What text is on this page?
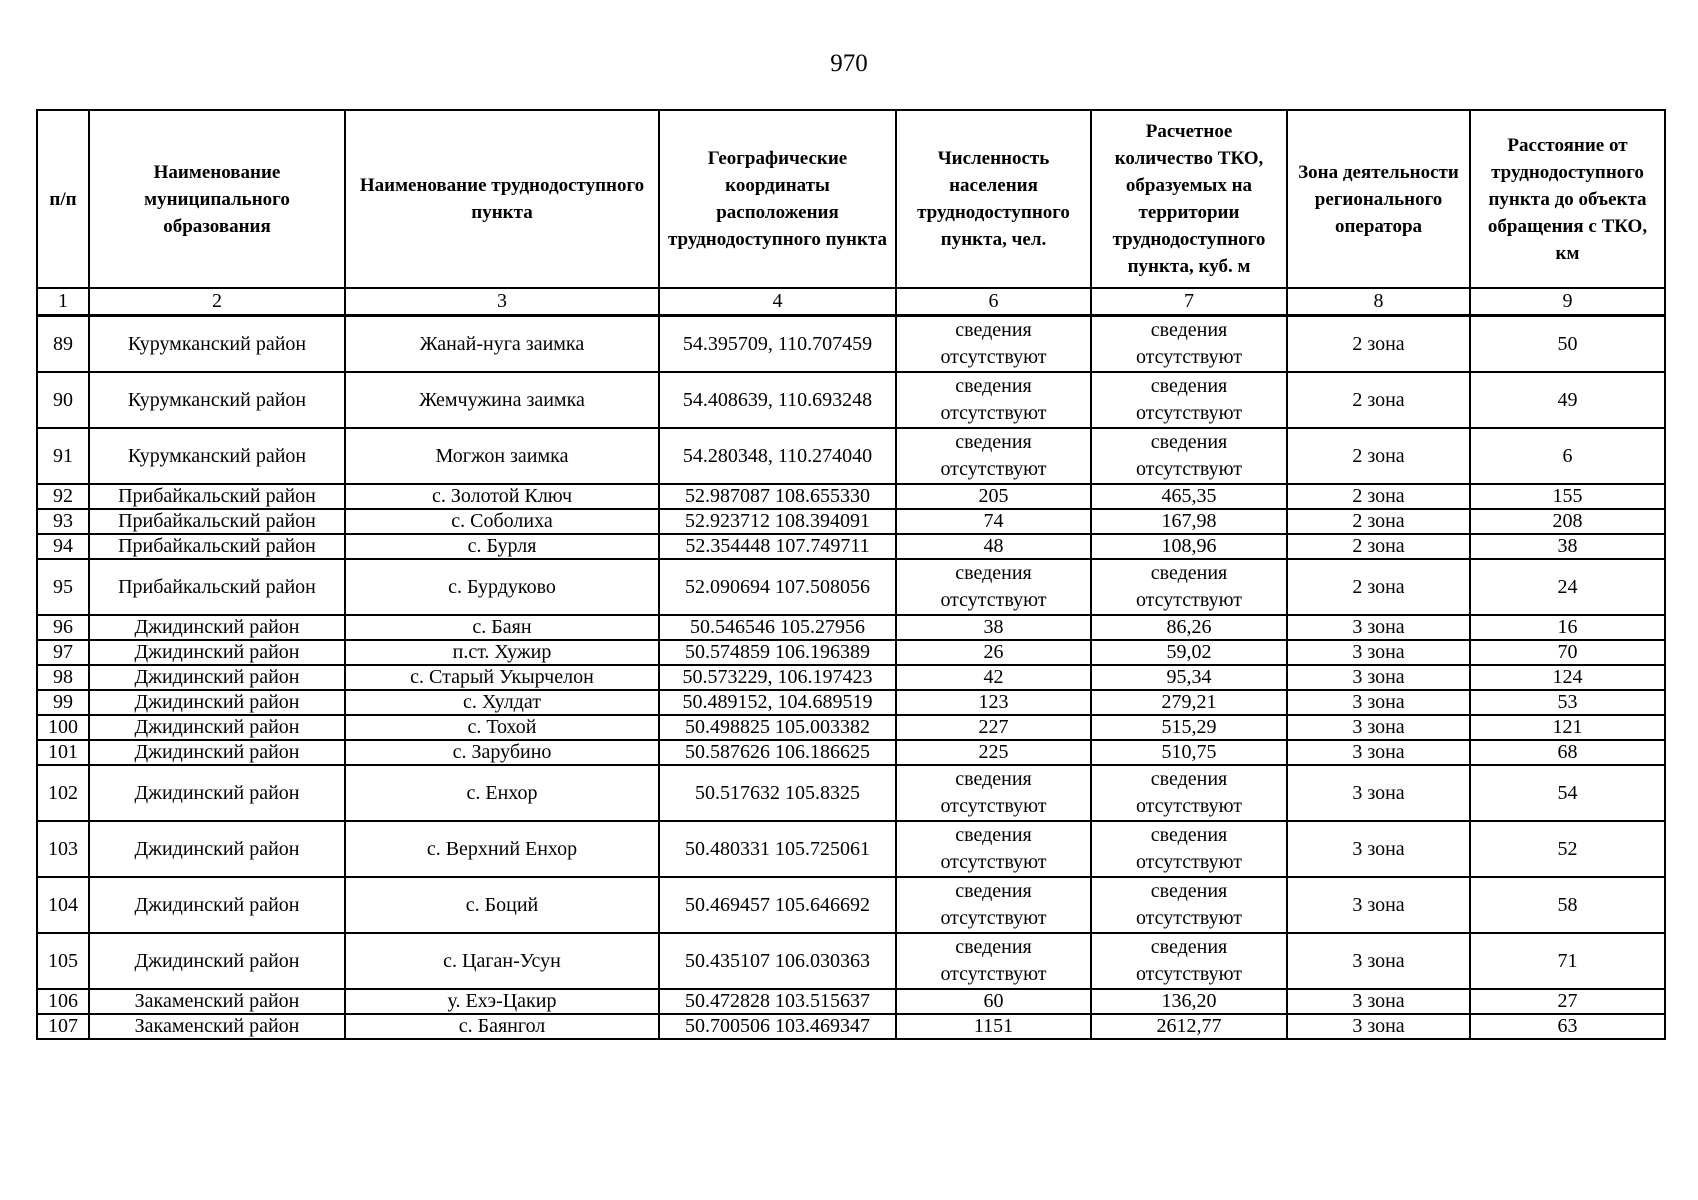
970
п/п	Наименование муниципального образования	Наименование труднодоступного пункта	Географические координаты расположения труднодоступного пункта	Численность населения труднодоступного пункта, чел.	Расчетное количество ТКО, образуемых на территории труднодоступного пункта, куб. м	Зона деятельности регионального оператора	Расстояние от труднодоступного пункта до объекта обращения с ТКО, км
1	2	3	4	6	7	8	9
89	Курумканский район	Жанай-нуга заимка	54.395709, 110.707459	сведения отсутствуют	сведения отсутствуют	2 зона	50
90	Курумканский район	Жемчужина заимка	54.408639, 110.693248	сведения отсутствуют	сведения отсутствуют	2 зона	49
91	Курумканский район	Могжон заимка	54.280348, 110.274040	сведения отсутствуют	сведения отсутствуют	2 зона	6
92	Прибайкальский район	с. Золотой Ключ	52.987087 108.655330	205	465,35	2 зона	155
93	Прибайкальский район	с. Соболиха	52.923712 108.394091	74	167,98	2 зона	208
94	Прибайкальский район	с. Бурля	52.354448 107.749711	48	108,96	2 зона	38
95	Прибайкальский район	с. Бурдуково	52.090694 107.508056	сведения отсутствуют	сведения отсутствуют	2 зона	24
96	Джидинский район	с. Баян	50.546546 105.27956	38	86,26	3 зона	16
97	Джидинский район	п.ст. Хужир	50.574859 106.196389	26	59,02	3 зона	70
98	Джидинский район	с. Старый Укырчелон	50.573229, 106.197423	42	95,34	3 зона	124
99	Джидинский район	с. Хулдат	50.489152, 104.689519	123	279,21	3 зона	53
100	Джидинский район	с. Тохой	50.498825 105.003382	227	515,29	3 зона	121
101	Джидинский район	с. Зарубино	50.587626 106.186625	225	510,75	3 зона	68
102	Джидинский район	с. Енхор	50.517632 105.8325	сведения отсутствуют	сведения отсутствуют	3 зона	54
103	Джидинский район	с. Верхний Енхор	50.480331 105.725061	сведения отсутствуют	сведения отсутствуют	3 зона	52
104	Джидинский район	с. Боций	50.469457 105.646692	сведения отсутствуют	сведения отсутствуют	3 зона	58
105	Джидинский район	с. Цаган-Усун	50.435107 106.030363	сведения отсутствуют	сведения отсутствуют	3 зона	71
106	Закаменский район	у. Ехэ-Цакир	50.472828 103.515637	60	136,20	3 зона	27
107	Закаменский район	с. Баянгол	50.700506 103.469347	1151	2612,77	3 зона	63
